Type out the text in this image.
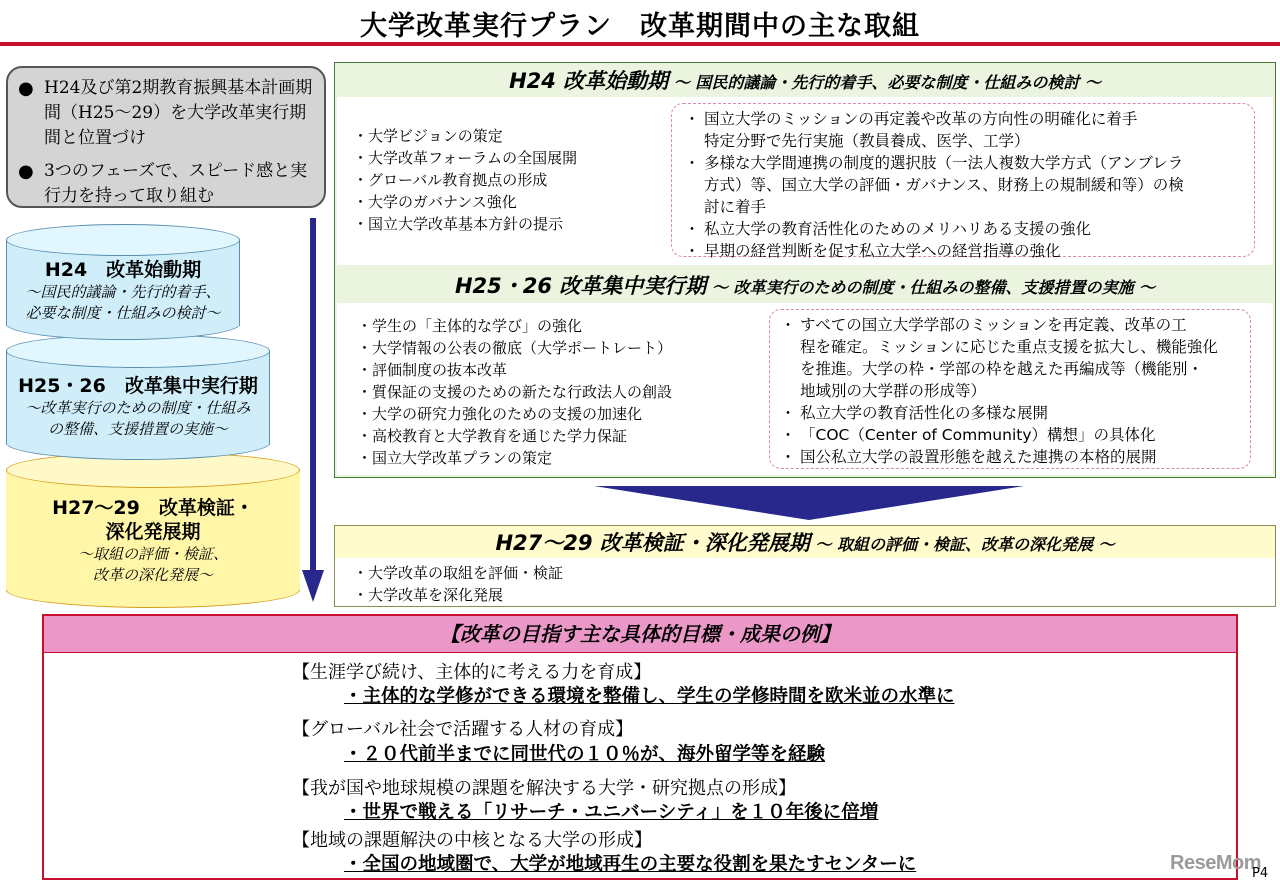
大学改革実行プラン　改革期間中の主な取組
● H24及び第2期教育振興基本計画期間（H25～29）を大学改革実行期間と位置づけ
● 3つのフェーズで、スピード感と実行力を持って取り組む
H27～29　改革検証・
深化発展期
～取組の評価・検証、
改革の深化発展～
H25・26　改革集中実行期
～改革実行のための制度・仕組み
の整備、支援措置の実施～
H24　改革始動期
～国民的議論・先行的着手、
必要な制度・仕組みの検討～
H24 改革始動期 ～ 国民的議論・先行的着手、必要な制度・仕組みの検討 ～
・大学ビジョンの策定
・大学改革フォーラムの全国展開
・グローバル教育拠点の形成
・大学のガバナンス強化
・国立大学改革基本方針の提示
・ 国立大学のミッションの再定義や改革の方向性の明確化に着手
特定分野で先行実施（教員養成、医学、工学）
・ 多様な大学間連携の制度的選択肢（一法人複数大学方式（アンブレラ
方式）等、国立大学の評価・ガバナンス、財務上の規制緩和等）の検
討に着手
・ 私立大学の教育活性化のためのメリハリある支援の強化
・ 早期の経営判断を促す私立大学への経営指導の強化
H25・26 改革集中実行期 ～ 改革実行のための制度・仕組みの整備、支援措置の実施 ～
・学生の「主体的な学び」の強化
・大学情報の公表の徹底（大学ポートレート）
・評価制度の抜本改革
・質保証の支援のための新たな行政法人の創設
・大学の研究力強化のための支援の加速化
・高校教育と大学教育を通じた学力保証
・国立大学改革プランの策定
・ すべての国立大学学部のミッションを再定義、改革の工
程を確定。ミッションに応じた重点支援を拡大し、機能強化
を推進。大学の枠・学部の枠を越えた再編成等（機能別・
地域別の大学群の形成等）
・ 私立大学の教育活性化の多様な展開
・ 「COC（Center of Community）構想」の具体化
・ 国公私立大学の設置形態を越えた連携の本格的展開
H27～29 改革検証・深化発展期 ～ 取組の評価・検証、改革の深化発展 ～
・大学改革の取組を評価・検証
・大学改革を深化発展
【改革の目指す主な具体的目標・成果の例】
【生涯学び続け、主体的に考える力を育成】
・主体的な学修ができる環境を整備し、学生の学修時間を欧米並の水準に
【グローバル社会で活躍する人材の育成】
・２０代前半までに同世代の１０％が、海外留学等を経験
【我が国や地球規模の課題を解決する大学・研究拠点の形成】
・世界で戦える「リサーチ・ユニバーシティ」を１０年後に倍増
【地域の課題解決の中核となる大学の形成】
・全国の地域圏で、大学が地域再生の主要な役割を果たすセンターに	ReseMom
P4
